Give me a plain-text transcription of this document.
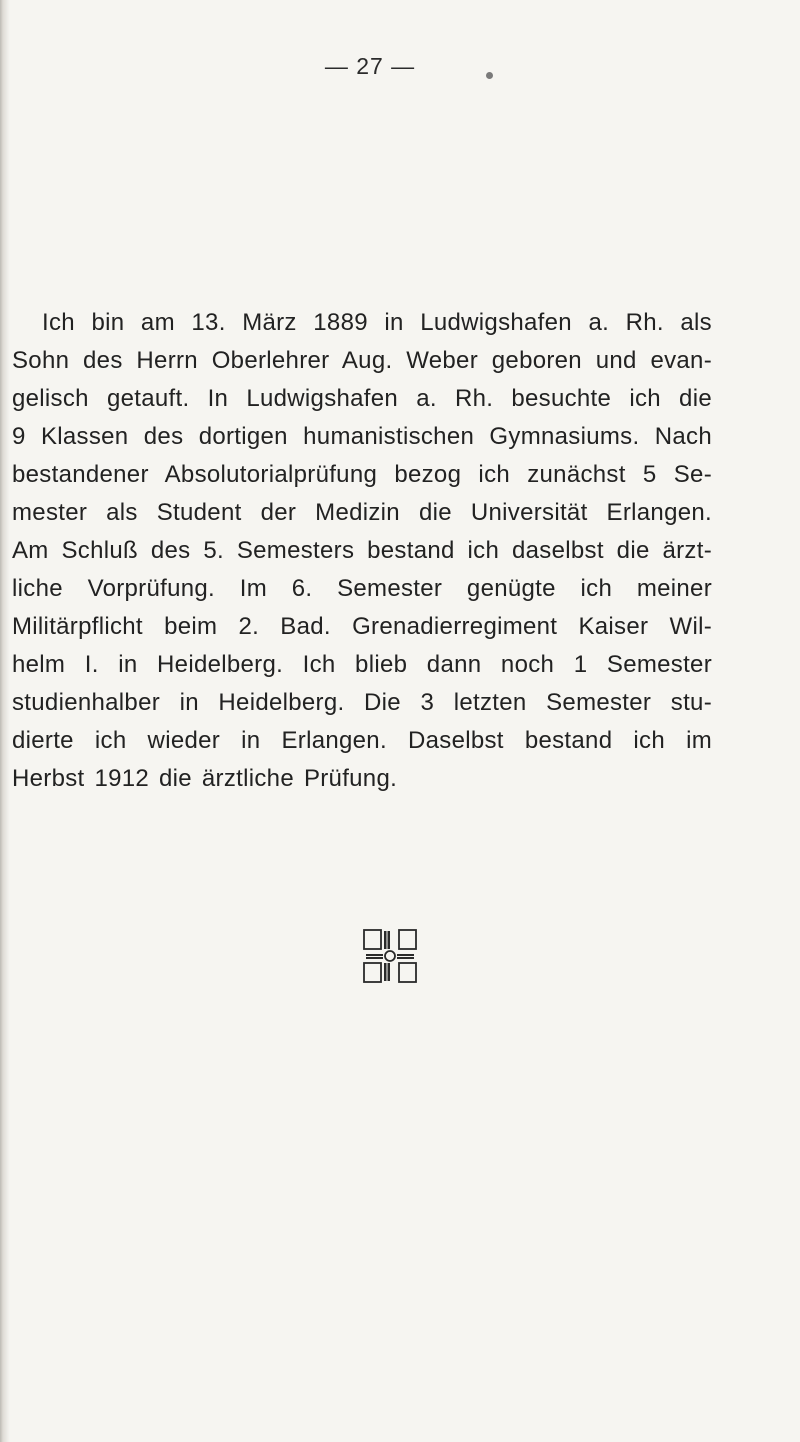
— 27 —
Ich bin am 13. März 1889 in Ludwigshafen a. Rh. als
Sohn des Herrn Oberlehrer Aug. Weber geboren und evan-
gelisch getauft. In Ludwigshafen a. Rh. besuchte ich die
9 Klassen des dortigen humanistischen Gymnasiums. Nach
bestandener Absolutorialprüfung bezog ich zunächst 5 Se-
mester als Student der Medizin die Universität Erlangen.
Am Schluß des 5. Semesters bestand ich daselbst die ärzt-
liche Vorprüfung. Im 6. Semester genügte ich meiner
Militärpflicht beim 2. Bad. Grenadierregiment Kaiser Wil-
helm I. in Heidelberg. Ich blieb dann noch 1 Semester
studienhalber in Heidelberg. Die 3 letzten Semester stu-
dierte ich wieder in Erlangen. Daselbst bestand ich im
Herbst 1912 die ärztliche Prüfung.
